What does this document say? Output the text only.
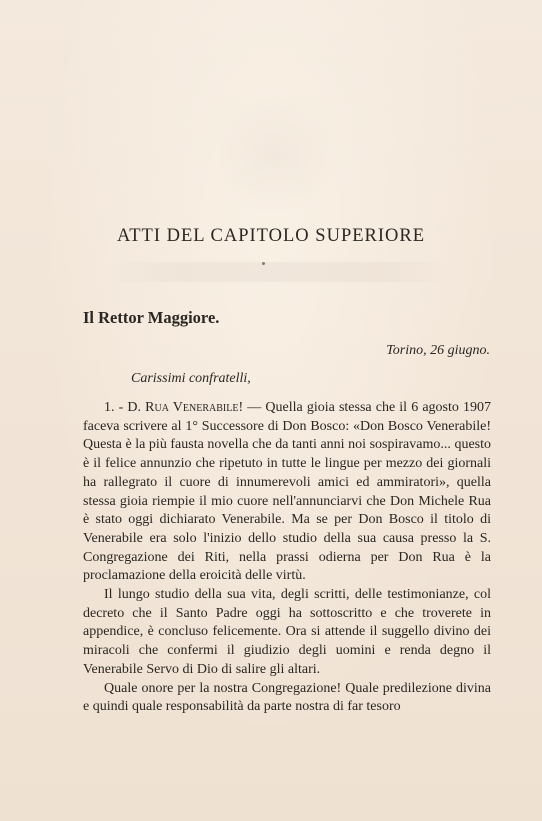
ATTI DEL CAPITOLO SUPERIORE
Il Rettor Maggiore.
Torino, 26 giugno.
Carissimi confratelli,

1. - D. Rua Venerabile! — Quella gioia stessa che il 6 agosto 1907 faceva scrivere al 1° Successore di Don Bosco: «Don Bosco Venerabile! Questa è la più fausta novella che da tanti anni noi sospiravamo... questo è il felice annunzio che ripetuto in tutte le lingue per mezzo dei giornali ha rallegrato il cuore di innumerevoli amici ed ammiratori», quella stessa gioia riempie il mio cuore nell'annunciarvi che Don Michele Rua è stato oggi dichiarato Venerabile. Ma se per Don Bosco il titolo di Venerabile era solo l'inizio dello studio della sua causa presso la S. Congregazione dei Riti, nella prassi odierna per Don Rua è la proclamazione della eroicità delle virtù.

Il lungo studio della sua vita, degli scritti, delle testimonianze, col decreto che il Santo Padre oggi ha sottoscritto e che troverete in appendice, è concluso felicemente. Ora si attende il suggello divino dei miracoli che confermi il giudizio degli uomini e renda degno il Venerabile Servo di Dio di salire gli altari.

Quale onore per la nostra Congregazione! Quale predilezione divina e quindi quale responsabilità da parte nostra di far tesoro
